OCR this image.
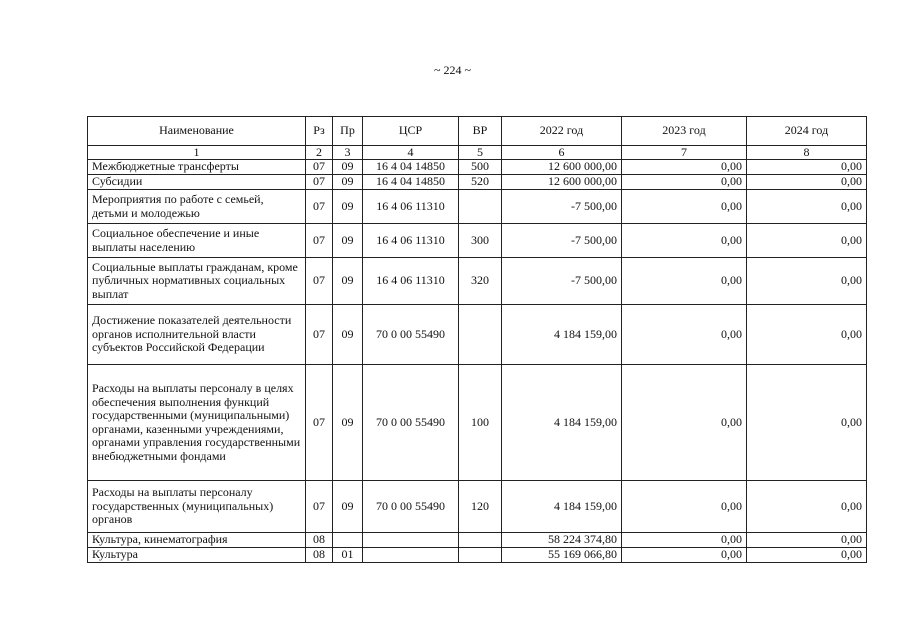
~ 224 ~
Наименование	Рз	Пр	ЦСР	ВР	2022 год	2023 год	2024 год
1	2	3	4	5	6	7	8
Межбюджетные трансферты	07	09	16 4 04 14850	500	12 600 000,00	0,00	0,00
Субсидии	07	09	16 4 04 14850	520	12 600 000,00	0,00	0,00
Мероприятия по работе с семьей, детьми и молодежью	07	09	16 4 06 11310		-7 500,00	0,00	0,00
Социальное обеспечение и иные выплаты населению	07	09	16 4 06 11310	300	-7 500,00	0,00	0,00
Социальные выплаты гражданам, кроме публичных нормативных социальных выплат	07	09	16 4 06 11310	320	-7 500,00	0,00	0,00
Достижение показателей деятельности органов исполнительной власти субъектов Российской Федерации	07	09	70 0 00 55490		4 184 159,00	0,00	0,00
Расходы на выплаты персоналу в целях обеспечения выполнения функций государственными (муниципальными) органами, казенными учреждениями, органами управления государственными внебюджетными фондами	07	09	70 0 00 55490	100	4 184 159,00	0,00	0,00
Расходы на выплаты персоналу государственных (муниципальных) органов	07	09	70 0 00 55490	120	4 184 159,00	0,00	0,00
Культура, кинематография	08				58 224 374,80	0,00	0,00
Культура	08	01			55 169 066,80	0,00	0,00
